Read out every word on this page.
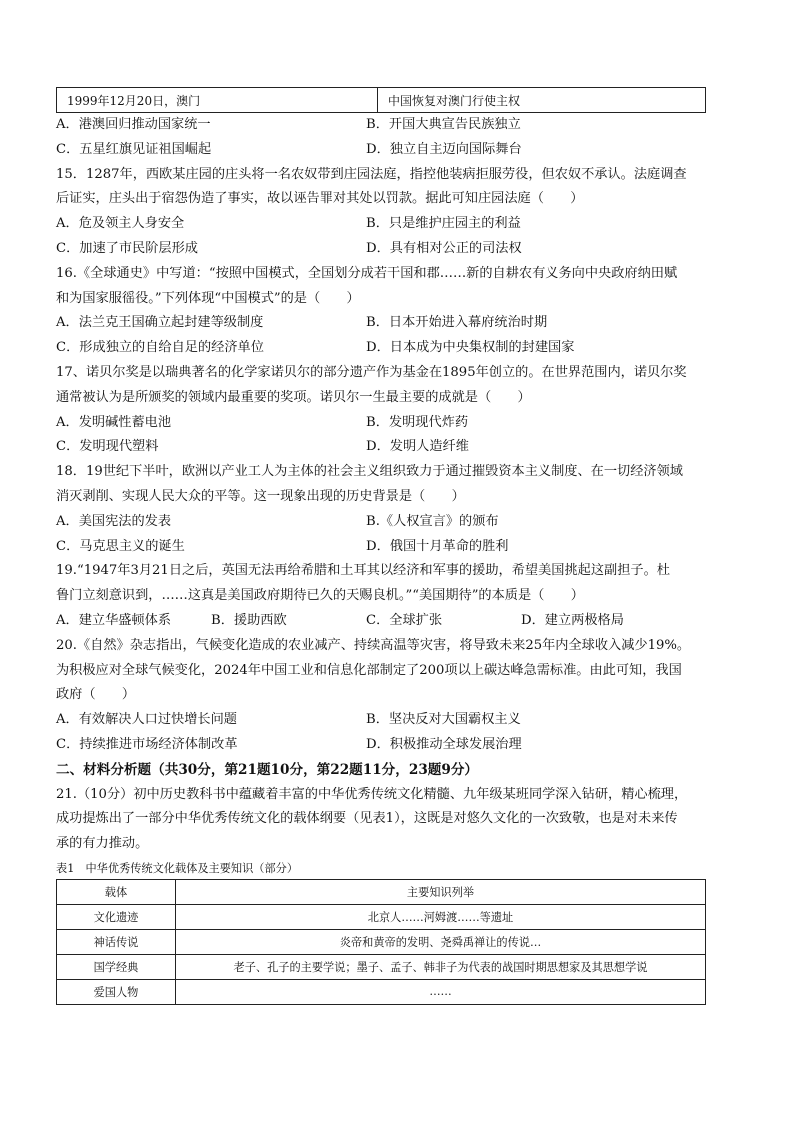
1999年12月20日，澳门	中国恢复对澳门行使主权
A．港澳回归推动国家统一	B．开国大典宣告民族独立
C．五星红旗见证祖国崛起	D．独立自主迈向国际舞台
15．1287年，西欧某庄园的庄头将一名农奴带到庄园法庭，指控他装病拒服劳役，但农奴不承认。法庭调查
后证实，庄头出于宿怨伪造了事实，故以诬告罪对其处以罚款。据此可知庄园法庭（　　）
A．危及领主人身安全	B．只是维护庄园主的利益
C．加速了市民阶层形成	D．具有相对公正的司法权
16.《全球通史》中写道：“按照中国模式，全国划分成若干国和郡……新的自耕农有义务向中央政府纳田赋
和为国家服徭役。”下列体现“中国模式”的是（　　）
A．法兰克王国确立起封建等级制度	B．日本开始进入幕府统治时期
C．形成独立的自给自足的经济单位	D．日本成为中央集权制的封建国家
17、诺贝尔奖是以瑞典著名的化学家诺贝尔的部分遗产作为基金在1895年创立的。在世界范围内，诺贝尔奖
通常被认为是所颁奖的领域内最重要的奖项。诺贝尔一生最主要的成就是（　　）
A．发明碱性蓄电池	B．发明现代炸药
C．发明现代塑料	D．发明人造纤维
18．19世纪下半叶，欧洲以产业工人为主体的社会主义组织致力于通过摧毁资本主义制度、在一切经济领域
消灭剥削、实现人民大众的平等。这一现象出现的历史背景是（　　）
A．美国宪法的发表	B.《人权宣言》的颁布
C．马克思主义的诞生	D．俄国十月革命的胜利
19.“1947年3月21日之后，英国无法再给希腊和土耳其以经济和军事的援助，希望美国挑起这副担子。杜
鲁门立刻意识到，……这真是美国政府期待已久的天赐良机。”“美国期待”的本质是（　　）
A．建立华盛顿体系	B．援助西欧	C．全球扩张	D．建立两极格局
20.《自然》杂志指出，气候变化造成的农业减产、持续高温等灾害，将导致未来25年内全球收入减少19%。
为积极应对全球气候变化，2024年中国工业和信息化部制定了200项以上碳达峰急需标准。由此可知，我国
政府（　　）
A．有效解决人口过快增长问题	B．坚决反对大国霸权主义
C．持续推进市场经济体制改革	D．积极推动全球发展治理
二、材料分析题（共30分，第21题10分，第22题11分，23题9分）
21.（10分）初中历史教科书中蕴藏着丰富的中华优秀传统文化精髓、九年级某班同学深入钻研，精心梳理，
成功提炼出了一部分中华优秀传统文化的载体纲要（见表1），这既是对悠久文化的一次致敬，也是对未来传
承的有力推动。
表1　中华优秀传统文化载体及主要知识（部分）
载体	主要知识列举
文化遗迹	北京人……河姆渡……等遗址
神话传说	炎帝和黄帝的发明、尧舜禹禅让的传说…
国学经典	老子、孔子的主要学说；墨子、孟子、韩非子为代表的战国时期思想家及其思想学说
爱国人物	……
